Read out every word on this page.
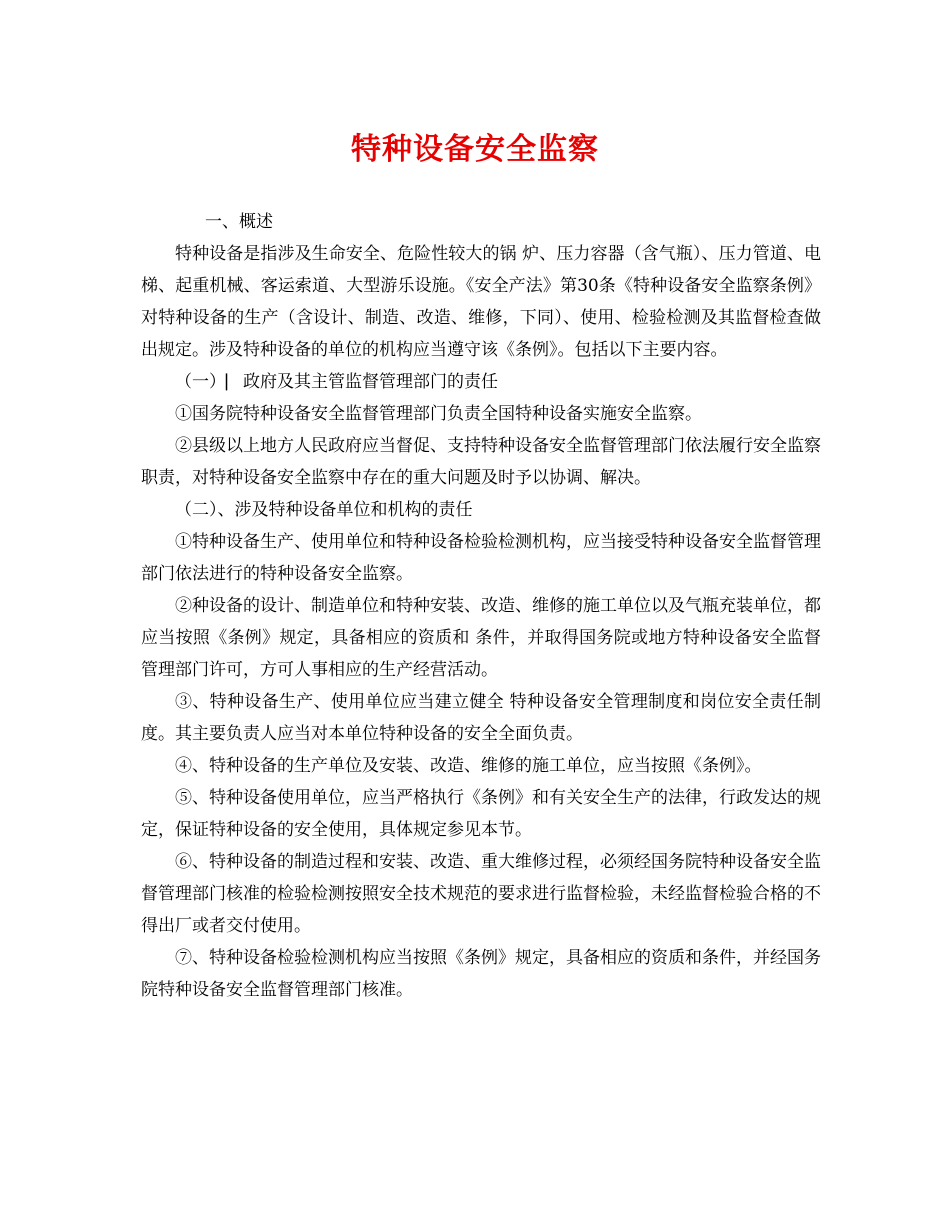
特种设备安全监察

一、概述

特种设备是指涉及生命安全、危险性较大的锅 炉、压力容器（含气瓶）、压力管道、电梯、起重机械、客运索道、大型游乐设施。《安全产法》第30条《特种设备安全监察条例》对特种设备的生产（含设计、制造、改造、维修，下同）、使用、检验检测及其监督检查做出规定。涉及特种设备的单位的机构应当遵守该《条例》。包括以下主要内容。

（一）⎸政府及其主管监督管理部门的责任

①国务院特种设备安全监督管理部门负责全国特种设备实施安全监察。

②县级以上地方人民政府应当督促、支持特种设备安全监督管理部门依法履行安全监察职责，对特种设备安全监察中存在的重大问题及时予以协调、解决。

（二）、涉及特种设备单位和机构的责任

①特种设备生产、使用单位和特种设备检验检测机构，应当接受特种设备安全监督管理部门依法进行的特种设备安全监察。

②种设备的设计、制造单位和特种安装、改造、维修的施工单位以及气瓶充装单位，都应当按照《条例》规定，具备相应的资质和 条件，并取得国务院或地方特种设备安全监督管理部门许可，方可人事相应的生产经营活动。

③、特种设备生产、使用单位应当建立健全 特种设备安全管理制度和岗位安全责任制度。其主要负责人应当对本单位特种设备的安全全面负责。

④、特种设备的生产单位及安装、改造、维修的施工单位，应当按照《条例》。

⑤、特种设备使用单位，应当严格执行《条例》和有关安全生产的法律，行政发达的规定，保证特种设备的安全使用，具体规定参见本节。

⑥、特种设备的制造过程和安装、改造、重大维修过程，必须经国务院特种设备安全监督管理部门核准的检验检测按照安全技术规范的要求进行监督检验，未经监督检验合格的不得出厂或者交付使用。

⑦、特种设备检验检测机构应当按照《条例》规定，具备相应的资质和条件，并经国务院特种设备安全监督管理部门核准。
